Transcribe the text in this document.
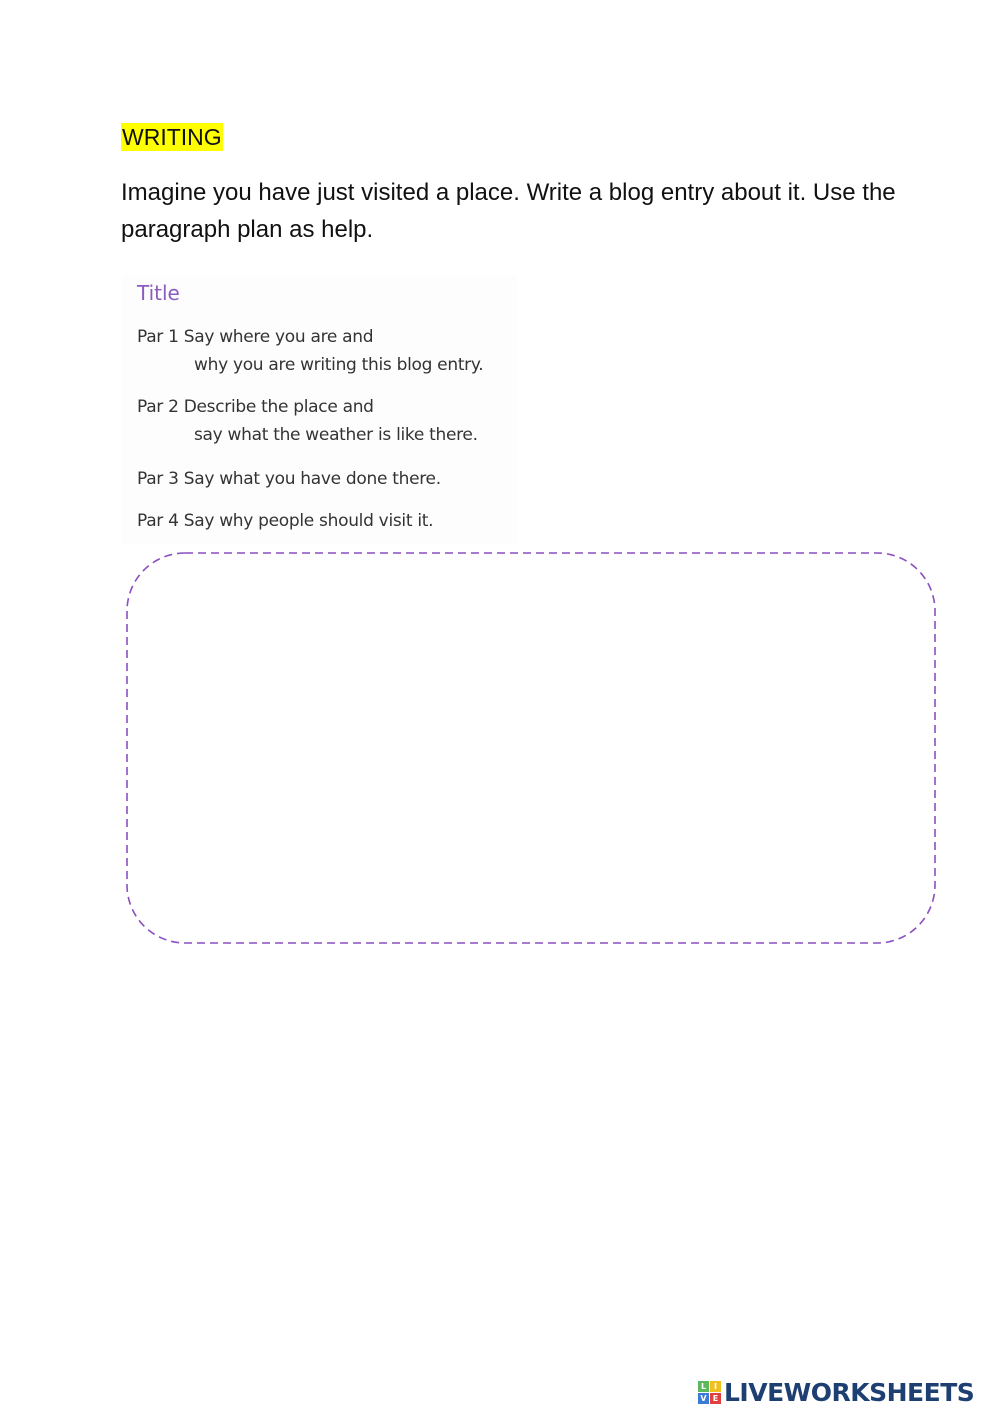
WRITING
Imagine you have just visited a place. Write a blog entry about it. Use the paragraph plan as help.
Title
Par 1 Say where you are and
why you are writing this blog entry.
Par 2 Describe the place and
say what the weather is like there.
Par 3 Say what you have done there.
Par 4 Say why people should visit it.
L I
V E LIVEWORKSHEETS
